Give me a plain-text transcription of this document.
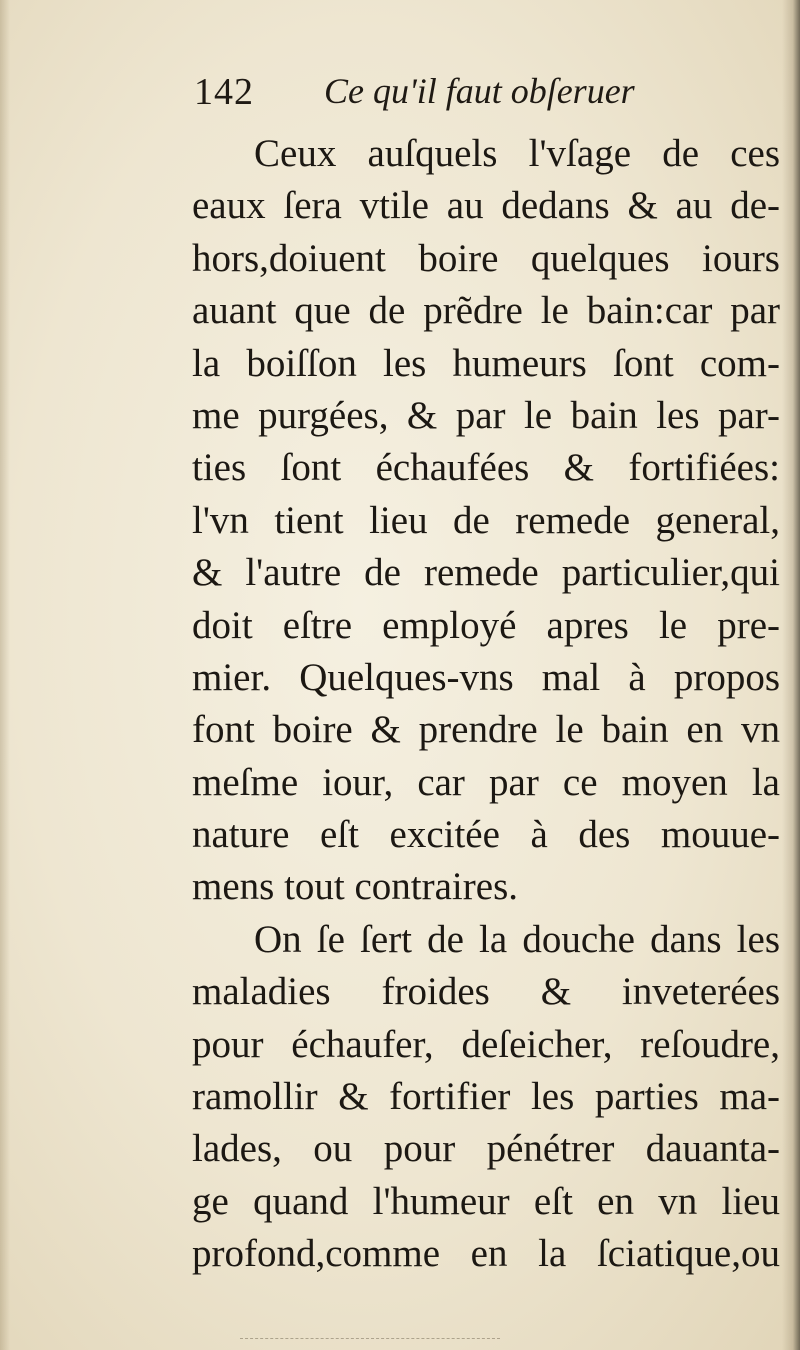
142 Ce qu'il faut obſeruer
Ceux auſquels l'vſage de ces
eaux ſera vtile au dedans & au de-
hors,doiuent boire quelques iours
auant que de prẽdre le bain:car par
la boiſſon les humeurs ſont com-
me purgées, & par le bain les par-
ties ſont échaufées & fortifiées:
l'vn tient lieu de remede general,
& l'autre de remede particulier,qui
doit eſtre employé apres le pre-
mier. Quelques-vns mal à propos
font boire & prendre le bain en vn
meſme iour, car par ce moyen la
nature eſt excitée à des mouue-
mens tout contraires.
On ſe ſert de la douche dans les
maladies froides & inveterées
pour échaufer, deſeicher, reſoudre,
ramollir & fortifier les parties ma-
lades, ou pour pénétrer dauanta-
ge quand l'humeur eſt en vn lieu
profond,comme en la ſciatique,ou
